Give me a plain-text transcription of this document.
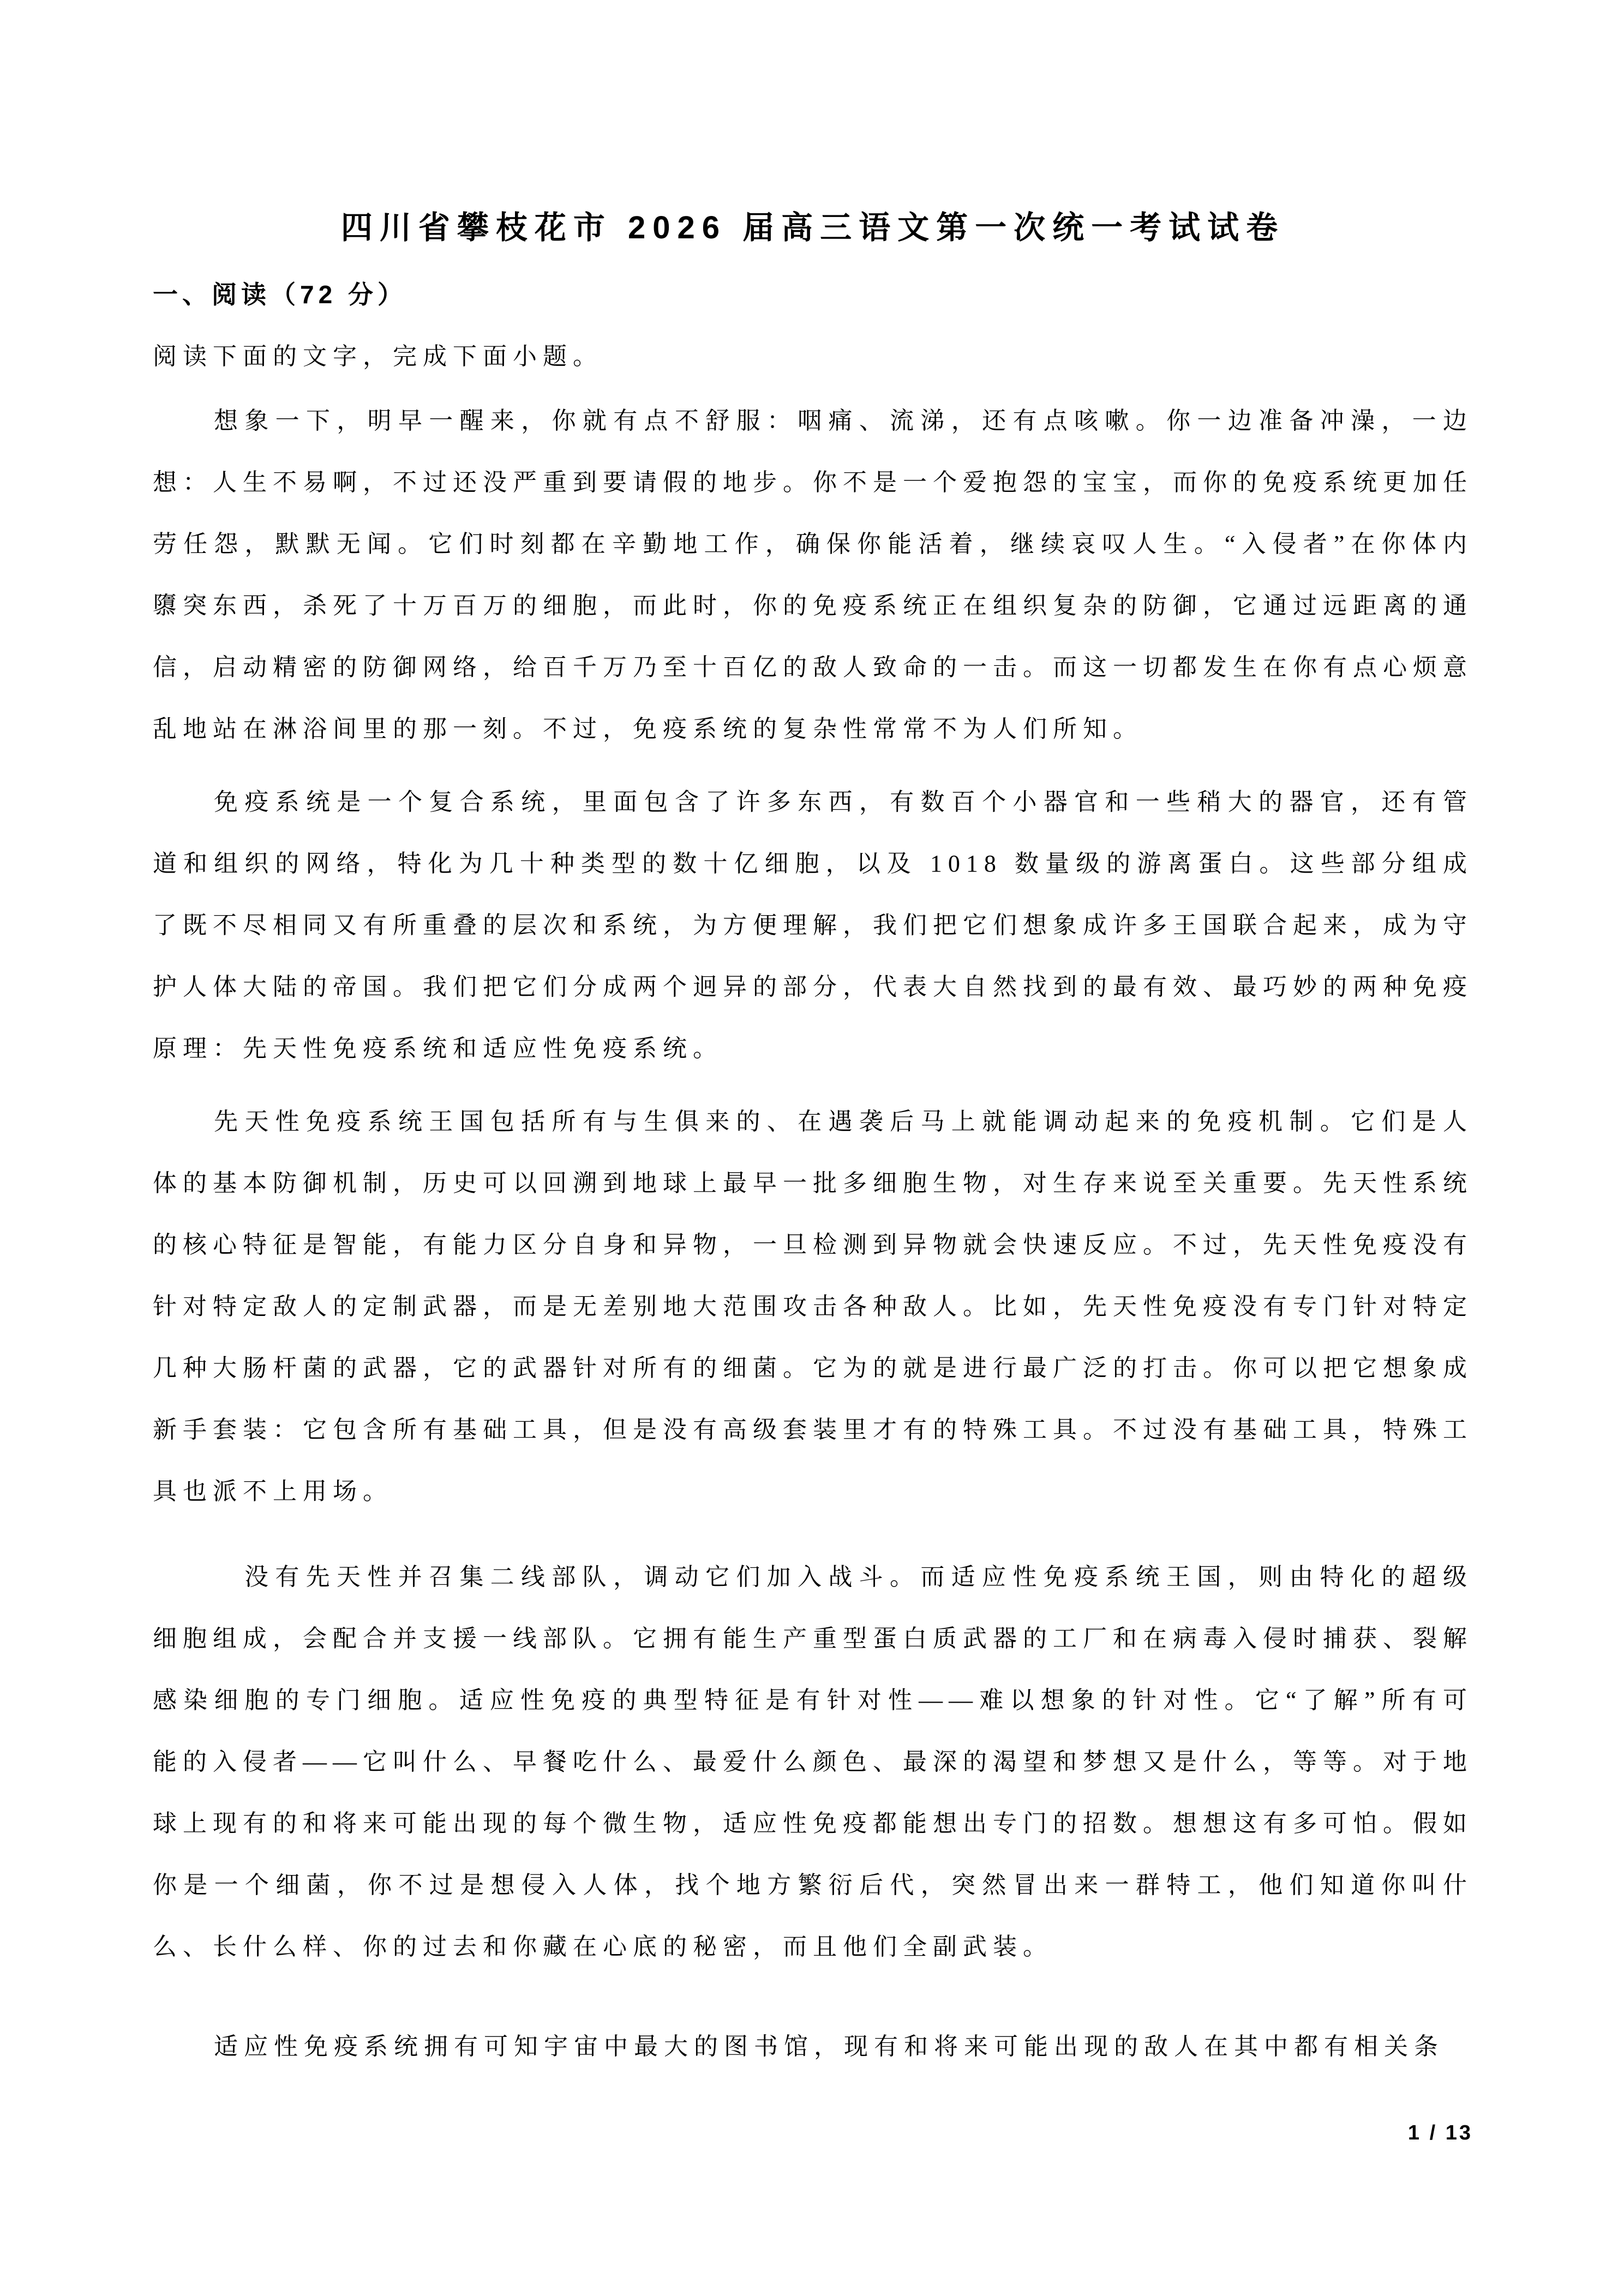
四川省攀枝花市 2026 届高三语文第一次统一考试试卷
一、阅读（72 分）

阅读下面的文字，完成下面小题。

想象一下，明早一醒来，你就有点不舒服：咽痛、流涕，还有点咳嗽。你一边准备冲澡，一边想：人生不易啊，不过还没严重到要请假的地步。你不是一个爱抱怨的宝宝，而你的免疫系统更加任劳任怨，默默无闻。它们时刻都在辛勤地工作，确保你能活着，继续哀叹人生。“入侵者”在你体内隳突东西，杀死了十万百万的细胞，而此时，你的免疫系统正在组织复杂的防御，它通过远距离的通信，启动精密的防御网络，给百千万乃至十百亿的敌人致命的一击。而这一切都发生在你有点心烦意乱地站在淋浴间里的那一刻。不过，免疫系统的复杂性常常不为人们所知。

免疫系统是一个复合系统，里面包含了许多东西，有数百个小器官和一些稍大的器官，还有管道和组织的网络，特化为几十种类型的数十亿细胞，以及 1018 数量级的游离蛋白。这些部分组成了既不尽相同又有所重叠的层次和系统，为方便理解，我们把它们想象成许多王国联合起来，成为守护人体大陆的帝国。我们把它们分成两个迥异的部分，代表大自然找到的最有效、最巧妙的两种免疫原理：先天性免疫系统和适应性免疫系统。

先天性免疫系统王国包括所有与生俱来的、在遇袭后马上就能调动起来的免疫机制。它们是人体的基本防御机制，历史可以回溯到地球上最早一批多细胞生物，对生存来说至关重要。先天性系统的核心特征是智能，有能力区分自身和异物，一旦检测到异物就会快速反应。不过，先天性免疫没有针对特定敌人的定制武器，而是无差别地大范围攻击各种敌人。比如，先天性免疫没有专门针对特定几种大肠杆菌的武器，它的武器针对所有的细菌。它为的就是进行最广泛的打击。你可以把它想象成新手套装：它包含所有基础工具，但是没有高级套装里才有的特殊工具。不过没有基础工具，特殊工具也派不上用场。

没有先天性并召集二线部队，调动它们加入战斗。而适应性免疫系统王国，则由特化的超级细胞组成，会配合并支援一线部队。它拥有能生产重型蛋白质武器的工厂和在病毒入侵时捕获、裂解感染细胞的专门细胞。适应性免疫的典型特征是有针对性——难以想象的针对性。它“了解”所有可能的入侵者——它叫什么、早餐吃什么、最爱什么颜色、最深的渴望和梦想又是什么，等等。对于地球上现有的和将来可能出现的每个微生物，适应性免疫都能想出专门的招数。想想这有多可怕。假如你是一个细菌，你不过是想侵入人体，找个地方繁衍后代，突然冒出来一群特工，他们知道你叫什么、长什么样、你的过去和你藏在心底的秘密，而且他们全副武装。

适应性免疫系统拥有可知宇宙中最大的图书馆，现有和将来可能出现的敌人在其中都有相关条

1 / 13
